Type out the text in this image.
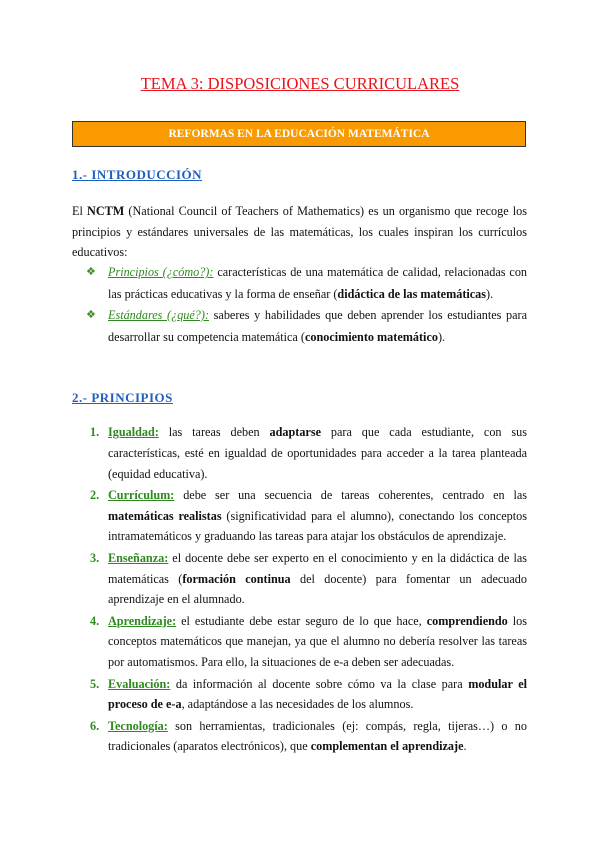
TEMA 3: DISPOSICIONES CURRICULARES
REFORMAS EN LA EDUCACIÓN MATEMÁTICA
1.- INTRODUCCIÓN
El NCTM (National Council of Teachers of Mathematics) es un organismo que recoge los principios y estándares universales de las matemáticas, los cuales inspiran los currículos educativos:
❖ Principios (¿cómo?): características de una matemática de calidad, relacionadas con las prácticas educativas y la forma de enseñar (didáctica de las matemáticas).
❖ Estándares (¿qué?): saberes y habilidades que deben aprender los estudiantes para desarrollar su competencia matemática (conocimiento matemático).
2.- PRINCIPIOS
1. Igualdad: las tareas deben adaptarse para que cada estudiante, con sus características, esté en igualdad de oportunidades para acceder a la tarea planteada (equidad educativa).
2. Currículum: debe ser una secuencia de tareas coherentes, centrado en las matemáticas realistas (significatividad para el alumno), conectando los conceptos intramatemáticos y graduando las tareas para atajar los obstáculos de aprendizaje.
3. Enseñanza: el docente debe ser experto en el conocimiento y en la didáctica de las matemáticas (formación continua del docente) para fomentar un adecuado aprendizaje en el alumnado.
4. Aprendizaje: el estudiante debe estar seguro de lo que hace, comprendiendo los conceptos matemáticos que manejan, ya que el alumno no debería resolver las tareas por automatismos. Para ello, la situaciones de e-a deben ser adecuadas.
5. Evaluación: da información al docente sobre cómo va la clase para modular el proceso de e-a, adaptándose a las necesidades de los alumnos.
6. Tecnología: son herramientas, tradicionales (ej: compás, regla, tijeras…) o no tradicionales (aparatos electrónicos), que complementan el aprendizaje.
